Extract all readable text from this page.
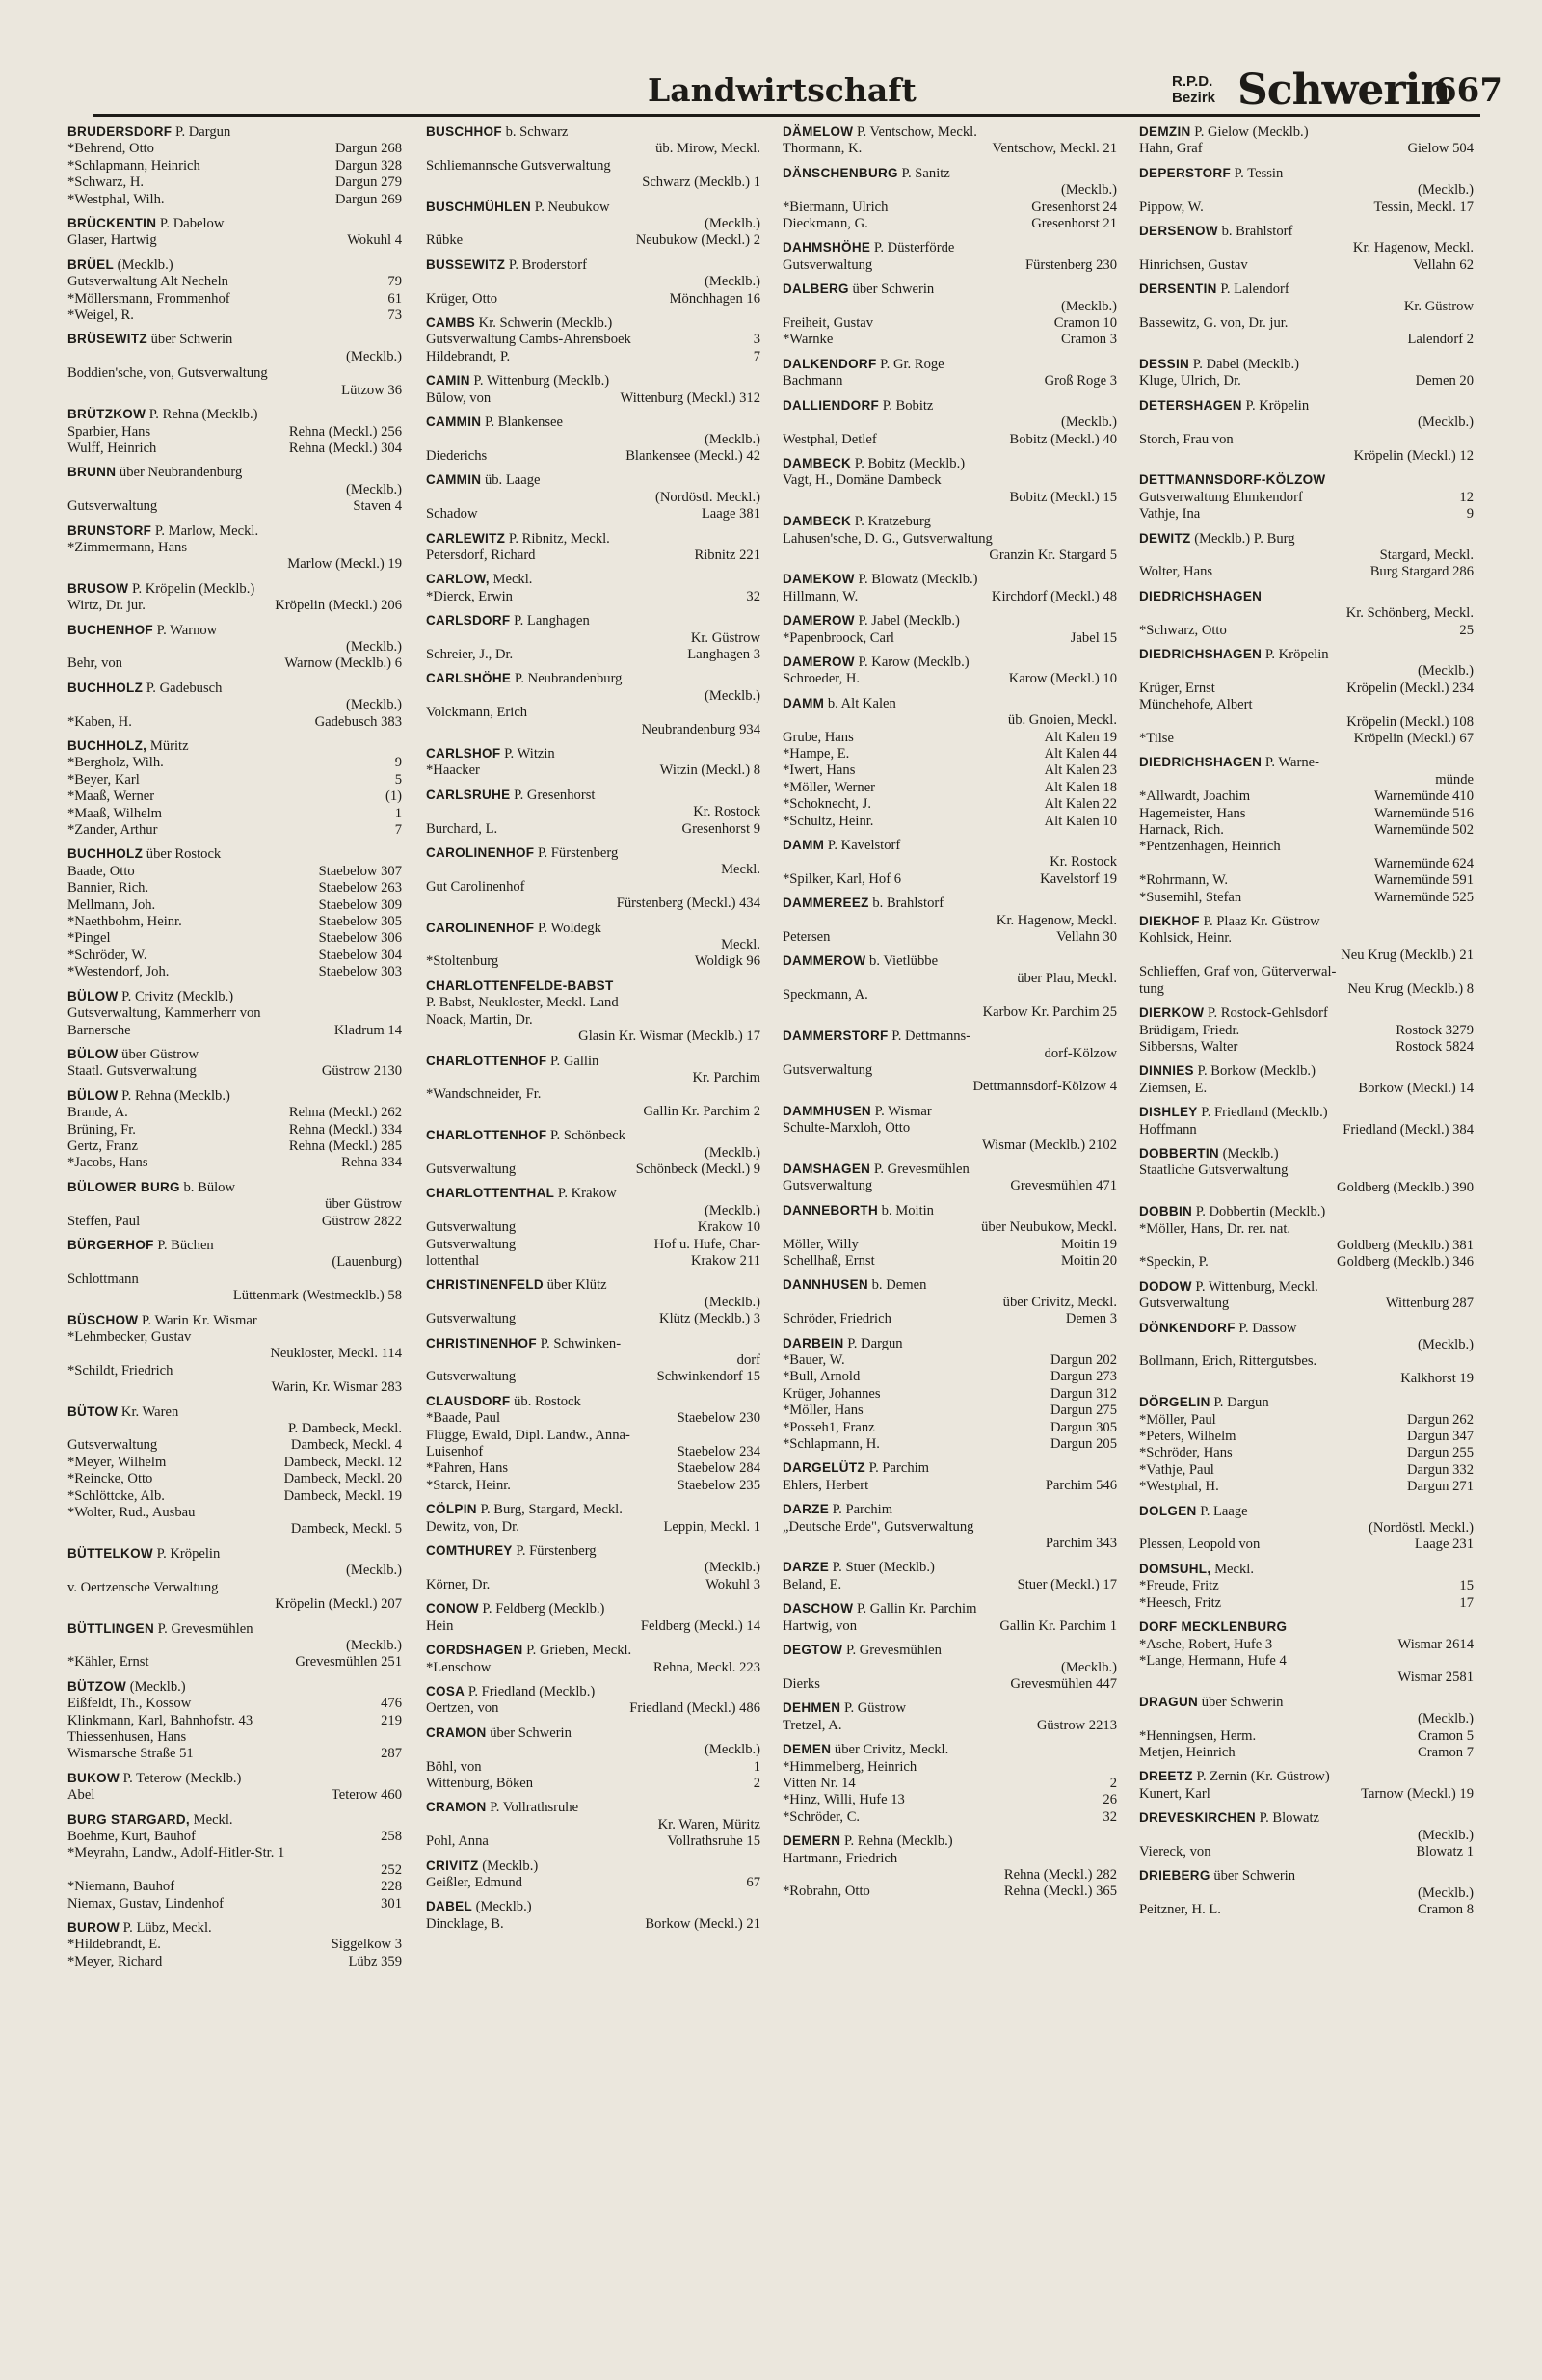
Landwirtschaft	R.P.D.
Bezirk Schwerin
667
BRUDERSDORF P. Dargun
*Behrend, Otto	Dargun 268
*Schlapmann, Heinrich	Dargun 328
*Schwarz, H.	Dargun 279
*Westphal, Wilh.	Dargun 269
BRÜCKENTIN P. Dabelow
Glaser, Hartwig	Wokuhl 4
BRÜEL (Mecklb.)
Gutsverwaltung Alt Necheln	79
*Möllersmann, Frommenhof	61
*Weigel, R.	73
BRÜSEWITZ über Schwerin
(Mecklb.)
Boddien'sche, von, Gutsverwaltung
Lützow 36
BRÜTZKOW P. Rehna (Mecklb.)
Sparbier, Hans	Rehna (Meckl.) 256
Wulff, Heinrich	Rehna (Meckl.) 304
BRUNN über Neubrandenburg
(Mecklb.)
Gutsverwaltung	Staven 4
BRUNSTORF P. Marlow, Meckl.
*Zimmermann, Hans
Marlow (Meckl.) 19
BRUSOW P. Kröpelin (Mecklb.)
Wirtz, Dr. jur.	Kröpelin (Meckl.) 206
BUCHENHOF P. Warnow
(Mecklb.)
Behr, von	Warnow (Mecklb.) 6
BUCHHOLZ P. Gadebusch
(Mecklb.)
*Kaben, H.	Gadebusch 383
BUCHHOLZ, Müritz
*Bergholz, Wilh.	9
*Beyer, Karl	5
*Maaß, Werner	(1)
*Maaß, Wilhelm	1
*Zander, Arthur	7
BUCHHOLZ über Rostock
Baade, Otto	Staebelow 307
Bannier, Rich.	Staebelow 263
Mellmann, Joh.	Staebelow 309
*Naethbohm, Heinr.	Staebelow 305
*Pingel	Staebelow 306
*Schröder, W.	Staebelow 304
*Westendorf, Joh.	Staebelow 303
BÜLOW P. Crivitz (Mecklb.)
Gutsverwaltung, Kammerherr von
Barnersche	Kladrum 14
BÜLOW über Güstrow
Staatl. Gutsverwaltung	Güstrow 2130
BÜLOW P. Rehna (Mecklb.)
Brande, A.	Rehna (Meckl.) 262
Brüning, Fr.	Rehna (Meckl.) 334
Gertz, Franz	Rehna (Meckl.) 285
*Jacobs, Hans	Rehna 334
BÜLOWER BURG b. Bülow
über Güstrow
Steffen, Paul	Güstrow 2822
BÜRGERHOF P. Büchen
(Lauenburg)
Schlottmann
Lüttenmark (Westmecklb.) 58
BÜSCHOW P. Warin Kr. Wismar
*Lehmbecker, Gustav
Neukloster, Meckl. 114
*Schildt, Friedrich
Warin, Kr. Wismar 283
BÜTOW Kr. Waren
P. Dambeck, Meckl.
Gutsverwaltung	Dambeck, Meckl. 4
*Meyer, Wilhelm	Dambeck, Meckl. 12
*Reincke, Otto	Dambeck, Meckl. 20
*Schlöttcke, Alb.	Dambeck, Meckl. 19
*Wolter, Rud., Ausbau
Dambeck, Meckl. 5
BÜTTELKOW P. Kröpelin
(Mecklb.)
v. Oertzensche Verwaltung
Kröpelin (Meckl.) 207
BÜTTLINGEN P. Grevesmühlen
(Mecklb.)
*Kähler, Ernst	Grevesmühlen 251
BÜTZOW (Mecklb.)
Eißfeldt, Th., Kossow	476
Klinkmann, Karl, Bahnhofstr. 43	219
Thiessenhusen, Hans
Wismarsche Straße 51	287
BUKOW P. Teterow (Mecklb.)
Abel	Teterow 460
BURG STARGARD, Meckl.
Boehme, Kurt, Bauhof	258
*Meyrahn, Landw., Adolf-Hitler-Str. 1
252
*Niemann, Bauhof	228
Niemax, Gustav, Lindenhof	301
BUROW P. Lübz, Meckl.
*Hildebrandt, E.	Siggelkow 3
*Meyer, Richard	Lübz 359
BUSCHHOF b. Schwarz
üb. Mirow, Meckl.
Schliemannsche Gutsverwaltung
Schwarz (Mecklb.) 1
BUSCHMÜHLEN P. Neubukow
(Mecklb.)
Rübke	Neubukow (Meckl.) 2
BUSSEWITZ P. Broderstorf
(Mecklb.)
Krüger, Otto	Mönchhagen 16
CAMBS Kr. Schwerin (Mecklb.)
Gutsverwaltung Cambs-Ahrensboek	3
Hildebrandt, P.	7
CAMIN P. Wittenburg (Mecklb.)
Bülow, von	Wittenburg (Meckl.) 312
CAMMIN P. Blankensee
(Mecklb.)
Diederichs	Blankensee (Meckl.) 42
CAMMIN üb. Laage
(Nordöstl. Meckl.)
Schadow	Laage 381
CARLEWITZ P. Ribnitz, Meckl.
Petersdorf, Richard	Ribnitz 221
CARLOW, Meckl.
*Dierck, Erwin	32
CARLSDORF P. Langhagen
Kr. Güstrow
Schreier, J., Dr.	Langhagen 3
CARLSHÖHE P. Neubrandenburg
(Mecklb.)
Volckmann, Erich
Neubrandenburg 934
CARLSHOF P. Witzin
*Haacker	Witzin (Meckl.) 8
CARLSRUHE P. Gresenhorst
Kr. Rostock
Burchard, L.	Gresenhorst 9
CAROLINENHOF P. Fürstenberg
Meckl.
Gut Carolinenhof
Fürstenberg (Meckl.) 434
CAROLINENHOF P. Woldegk
Meckl.
*Stoltenburg	Woldigk 96
CHARLOTTENFELDE-BABST
P. Babst, Neukloster, Meckl. Land
Noack, Martin, Dr.
Glasin Kr. Wismar (Mecklb.) 17
CHARLOTTENHOF P. Gallin
Kr. Parchim
*Wandschneider, Fr.
Gallin Kr. Parchim 2
CHARLOTTENHOF P. Schönbeck
(Mecklb.)
Gutsverwaltung	Schönbeck (Meckl.) 9
CHARLOTTENTHAL P. Krakow
(Mecklb.)
Gutsverwaltung	Krakow 10
Gutsverwaltung	Hof u. Hufe, Char-
lottenthal	Krakow 211
CHRISTINENFELD über Klütz
(Mecklb.)
Gutsverwaltung	Klütz (Mecklb.) 3
CHRISTINENHOF P. Schwinken-
dorf
Gutsverwaltung	Schwinkendorf 15
CLAUSDORF üb. Rostock
*Baade, Paul	Staebelow 230
Flügge, Ewald, Dipl. Landw., Anna-
Luisenhof	Staebelow 234
*Pahren, Hans	Staebelow 284
*Starck, Heinr.	Staebelow 235
CÖLPIN P. Burg, Stargard, Meckl.
Dewitz, von, Dr.	Leppin, Meckl. 1
COMTHUREY P. Fürstenberg
(Mecklb.)
Körner, Dr.	Wokuhl 3
CONOW P. Feldberg (Mecklb.)
Hein	Feldberg (Meckl.) 14
CORDSHAGEN P. Grieben, Meckl.
*Lenschow	Rehna, Meckl. 223
COSA P. Friedland (Mecklb.)
Oertzen, von	Friedland (Meckl.) 486
CRAMON über Schwerin
(Mecklb.)
Böhl, von	1
Wittenburg, Böken	2
CRAMON P. Vollrathsruhe
Kr. Waren, Müritz
Pohl, Anna	Vollrathsruhe 15
CRIVITZ (Mecklb.)
Geißler, Edmund	67
DABEL (Mecklb.)
Dincklage, B.	Borkow (Meckl.) 21
DÄMELOW P. Ventschow, Meckl.
Thormann, K.	Ventschow, Meckl. 21
DÄNSCHENBURG P. Sanitz
(Mecklb.)
*Biermann, Ulrich	Gresenhorst 24
Dieckmann, G.	Gresenhorst 21
DAHMSHÖHE P. Düsterförde
Gutsverwaltung	Fürstenberg 230
DALBERG über Schwerin
(Mecklb.)
Freiheit, Gustav	Cramon 10
*Warnke	Cramon 3
DALKENDORF P. Gr. Roge
Bachmann	Groß Roge 3
DALLIENDORF P. Bobitz
(Mecklb.)
Westphal, Detlef	Bobitz (Meckl.) 40
DAMBECK P. Bobitz (Mecklb.)
Vagt, H., Domäne Dambeck
Bobitz (Meckl.) 15
DAMBECK P. Kratzeburg
Lahusen'sche, D. G., Gutsverwaltung
Granzin Kr. Stargard 5
DAMEKOW P. Blowatz (Mecklb.)
Hillmann, W.	Kirchdorf (Meckl.) 48
DAMEROW P. Jabel (Mecklb.)
*Papenbroock, Carl	Jabel 15
DAMEROW P. Karow (Mecklb.)
Schroeder, H.	Karow (Meckl.) 10
DAMM b. Alt Kalen
üb. Gnoien, Meckl.
Grube, Hans	Alt Kalen 19
*Hampe, E.	Alt Kalen 44
*Iwert, Hans	Alt Kalen 23
*Möller, Werner	Alt Kalen 18
*Schoknecht, J.	Alt Kalen 22
*Schultz, Heinr.	Alt Kalen 10
DAMM P. Kavelstorf
Kr. Rostock
*Spilker, Karl, Hof 6	Kavelstorf 19
DAMMEREEZ b. Brahlstorf
Kr. Hagenow, Meckl.
Petersen	Vellahn 30
DAMMEROW b. Vietlübbe
über Plau, Meckl.
Speckmann, A.
Karbow Kr. Parchim 25
DAMMERSTORF P. Dettmanns-
dorf-Kölzow
Gutsverwaltung
Dettmannsdorf-Kölzow 4
DAMMHUSEN P. Wismar
Schulte-Marxloh, Otto
Wismar (Mecklb.) 2102
DAMSHAGEN P. Grevesmühlen
Gutsverwaltung	Grevesmühlen 471
DANNEBORTH b. Moitin
über Neubukow, Meckl.
Möller, Willy	Moitin 19
Schellhaß, Ernst	Moitin 20
DANNHUSEN b. Demen
über Crivitz, Meckl.
Schröder, Friedrich	Demen 3
DARBEIN P. Dargun
*Bauer, W.	Dargun 202
*Bull, Arnold	Dargun 273
Krüger, Johannes	Dargun 312
*Möller, Hans	Dargun 275
*Posseh1, Franz	Dargun 305
*Schlapmann, H.	Dargun 205
DARGELÜTZ P. Parchim
Ehlers, Herbert	Parchim 546
DARZE P. Parchim
„Deutsche Erde", Gutsverwaltung
Parchim 343
DARZE P. Stuer (Mecklb.)
Beland, E.	Stuer (Meckl.) 17
DASCHOW P. Gallin Kr. Parchim
Hartwig, von	Gallin Kr. Parchim 1
DEGTOW P. Grevesmühlen
(Mecklb.)
Dierks	Grevesmühlen 447
DEHMEN P. Güstrow
Tretzel, A.	Güstrow 2213
DEMEN über Crivitz, Meckl.
*Himmelberg, Heinrich
Vitten Nr. 14	2
*Hinz, Willi, Hufe 13	26
*Schröder, C.	32
DEMERN P. Rehna (Mecklb.)
Hartmann, Friedrich
Rehna (Meckl.) 282
*Robrahn, Otto	Rehna (Meckl.) 365
DEMZIN P. Gielow (Mecklb.)
Hahn, Graf	Gielow 504
DEPERSTORF P. Tessin
(Mecklb.)
Pippow, W.	Tessin, Meckl. 17
DERSENOW b. Brahlstorf
Kr. Hagenow, Meckl.
Hinrichsen, Gustav	Vellahn 62
DERSENTIN P. Lalendorf
Kr. Güstrow
Bassewitz, G. von, Dr. jur.
Lalendorf 2
DESSIN P. Dabel (Mecklb.)
Kluge, Ulrich, Dr.	Demen 20
DETERSHAGEN P. Kröpelin
(Mecklb.)
Storch, Frau von
Kröpelin (Meckl.) 12
DETTMANNSDORF-KÖLZOW
Gutsverwaltung Ehmkendorf	12
Vathje, Ina	9
DEWITZ (Mecklb.) P. Burg
Stargard, Meckl.
Wolter, Hans	Burg Stargard 286
DIEDRICHSHAGEN
Kr. Schönberg, Meckl.
*Schwarz, Otto	25
DIEDRICHSHAGEN P. Kröpelin
(Mecklb.)
Krüger, Ernst	Kröpelin (Meckl.) 234
Münchehofe, Albert
Kröpelin (Meckl.) 108
*Tilse	Kröpelin (Meckl.) 67
DIEDRICHSHAGEN P. Warne-
münde
*Allwardt, Joachim	Warnemünde 410
Hagemeister, Hans	Warnemünde 516
Harnack, Rich.	Warnemünde 502
*Pentzenhagen, Heinrich
Warnemünde 624
*Rohrmann, W.	Warnemünde 591
*Susemihl, Stefan	Warnemünde 525
DIEKHOF P. Plaaz Kr. Güstrow
Kohlsick, Heinr.
Neu Krug (Mecklb.) 21
Schlieffen, Graf von, Güterverwal-
tung	Neu Krug (Mecklb.) 8
DIERKOW P. Rostock-Gehlsdorf
Brüdigam, Friedr.	Rostock 3279
Sibbersns, Walter	Rostock 5824
DINNIES P. Borkow (Mecklb.)
Ziemsen, E.	Borkow (Meckl.) 14
DISHLEY P. Friedland (Mecklb.)
Hoffmann	Friedland (Meckl.) 384
DOBBERTIN (Mecklb.)
Staatliche Gutsverwaltung
Goldberg (Mecklb.) 390
DOBBIN P. Dobbertin (Mecklb.)
*Möller, Hans, Dr. rer. nat.
Goldberg (Mecklb.) 381
*Speckin, P.	Goldberg (Mecklb.) 346
DODOW P. Wittenburg, Meckl.
Gutsverwaltung	Wittenburg 287
DÖNKENDORF P. Dassow
(Mecklb.)
Bollmann, Erich, Rittergutsbes.
Kalkhorst 19
DÖRGELIN P. Dargun
*Möller, Paul	Dargun 262
*Peters, Wilhelm	Dargun 347
*Schröder, Hans	Dargun 255
*Vathje, Paul	Dargun 332
*Westphal, H.	Dargun 271
DOLGEN P. Laage
(Nordöstl. Meckl.)
Plessen, Leopold von	Laage 231
DOMSUHL, Meckl.
*Freude, Fritz	15
*Heesch, Fritz	17
DORF MECKLENBURG
*Asche, Robert, Hufe 3	Wismar 2614
*Lange, Hermann, Hufe 4
Wismar 2581
DRAGUN über Schwerin
(Mecklb.)
*Henningsen, Herm.	Cramon 5
Metjen, Heinrich	Cramon 7
DREETZ P. Zernin (Kr. Güstrow)
Kunert, Karl	Tarnow (Meckl.) 19
DREVESKIRCHEN P. Blowatz
(Mecklb.)
Viereck, von	Blowatz 1
DRIEBERG über Schwerin
(Mecklb.)
Peitzner, H. L.	Cramon 8
